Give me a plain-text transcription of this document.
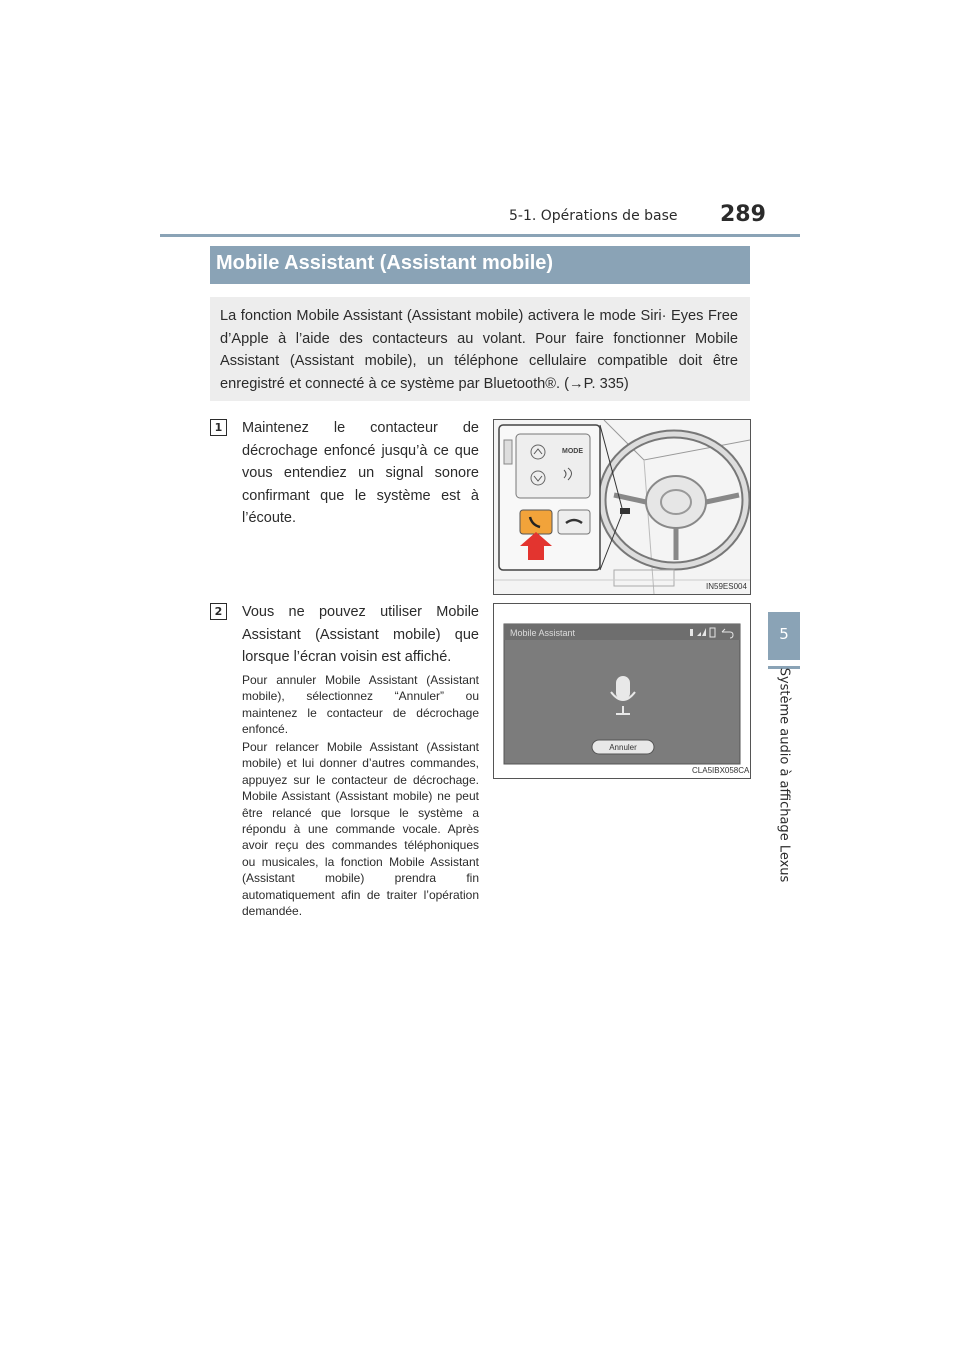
5-1. Opérations de base 289
5
Système audio à affichage Lexus
Mobile Assistant (Assistant mobile)
La fonction Mobile Assistant (Assistant mobile) activera le mode Siri· Eyes Free d’Apple à l’aide des contacteurs au volant. Pour faire fonctionner Mobile Assistant (Assistant mobile), un téléphone cellulaire compatible doit être enregistré et connecté à ce système par Bluetooth®. (→P. 335)
1	Maintenez le contacteur de décrochage enfoncé jusqu’à ce que vous entendiez un signal sonore confirmant que le système est à l’écoute.
MODE
IN59ES004
2	Vous ne pouvez utiliser Mobile Assistant (Assistant mobile) que lorsque l’écran voisin est affiché.
Pour annuler Mobile Assistant (Assistant mobile), sélectionnez “Annuler” ou maintenez le contacteur de décrochage enfoncé.
Pour relancer Mobile Assistant (Assistant mobile) et lui donner d’autres commandes, appuyez sur le contacteur de décrochage. Mobile Assistant (Assistant mobile) ne peut être relancé que lorsque le système a répondu à une commande vocale. Après avoir reçu des commandes téléphoniques ou musicales, la fonction Mobile Assistant (Assistant mobile) prendra fin automatiquement afin de traiter l’opération demandée.
Mobile Assistant
Annuler
CLA5IBX058CA
